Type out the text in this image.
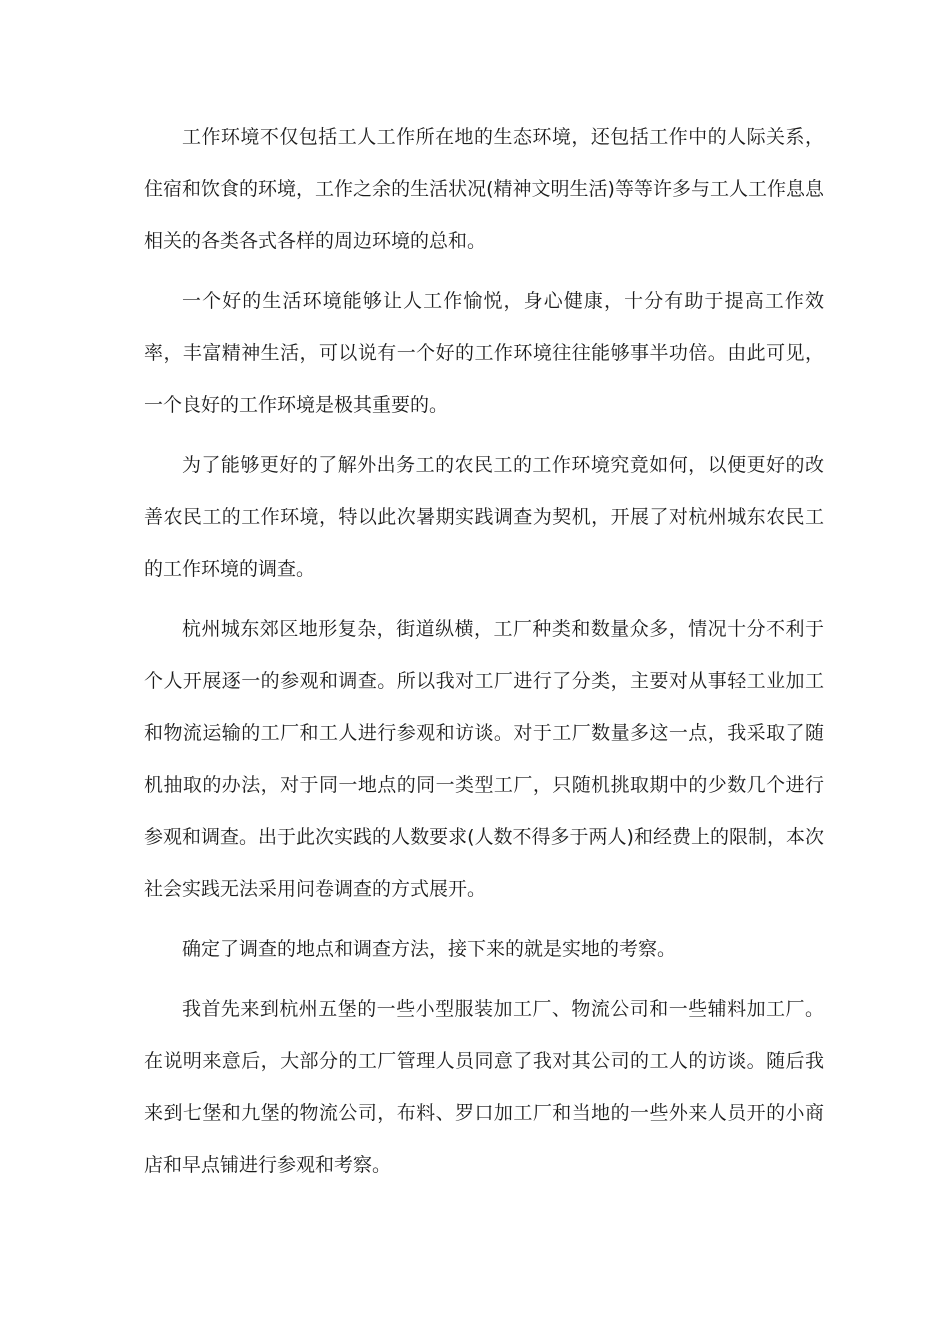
工作环境不仅包括工人工作所在地的生态环境，还包括工作中的人际关系，住宿和饮食的环境，工作之余的生活状况(精神文明生活)等等许多与工人工作息息相关的各类各式各样的周边环境的总和。

一个好的生活环境能够让人工作愉悦，身心健康，十分有助于提高工作效率，丰富精神生活，可以说有一个好的工作环境往往能够事半功倍。由此可见，一个良好的工作环境是极其重要的。

为了能够更好的了解外出务工的农民工的工作环境究竟如何，以便更好的改善农民工的工作环境，特以此次暑期实践调查为契机，开展了对杭州城东农民工的工作环境的调查。

杭州城东郊区地形复杂，街道纵横，工厂种类和数量众多，情况十分不利于个人开展逐一的参观和调查。所以我对工厂进行了分类，主要对从事轻工业加工和物流运输的工厂和工人进行参观和访谈。对于工厂数量多这一点，我采取了随机抽取的办法，对于同一地点的同一类型工厂，只随机挑取期中的少数几个进行参观和调查。出于此次实践的人数要求(人数不得多于两人)和经费上的限制，本次社会实践无法采用问卷调查的方式展开。

确定了调查的地点和调查方法，接下来的就是实地的考察。

我首先来到杭州五堡的一些小型服装加工厂、物流公司和一些辅料加工厂。在说明来意后，大部分的工厂管理人员同意了我对其公司的工人的访谈。随后我来到七堡和九堡的物流公司，布料、罗口加工厂和当地的一些外来人员开的小商店和早点铺进行参观和考察。
